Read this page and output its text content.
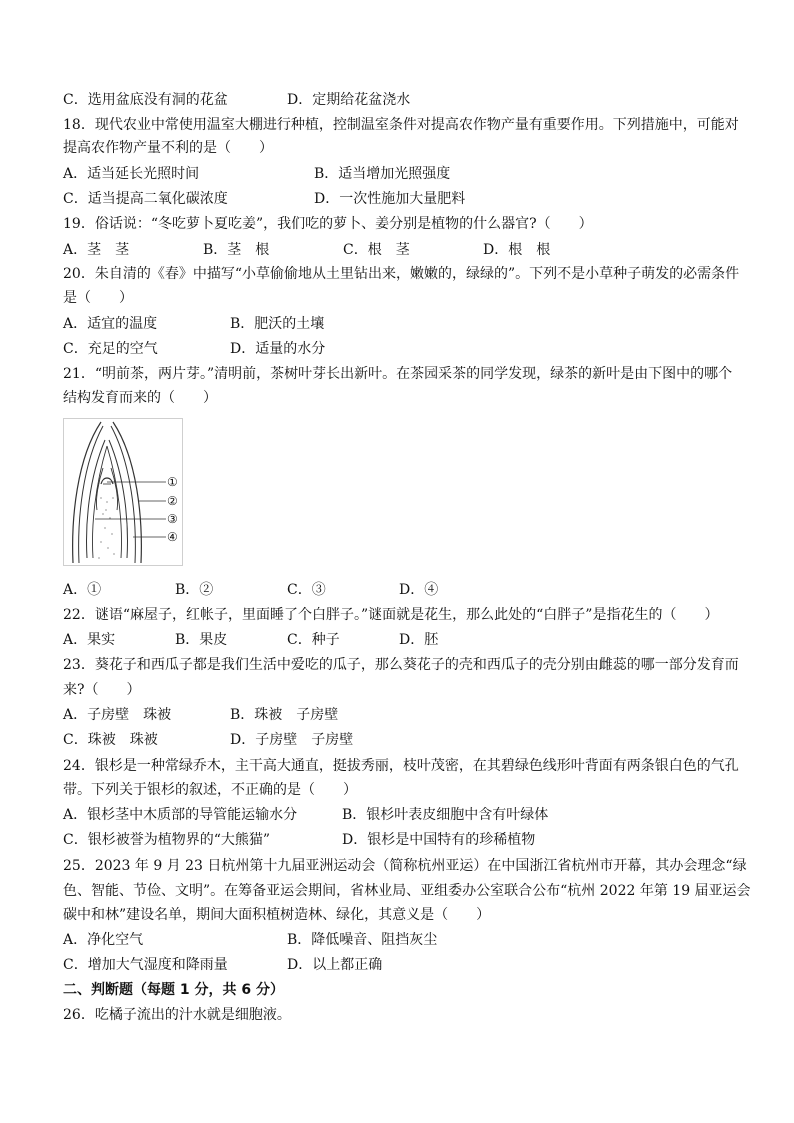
C．选用盆底没有洞的花盆	D．定期给花盆浇水
18．现代农业中常使用温室大棚进行种植，控制温室条件对提高农作物产量有重要作用。下列措施中，可能对
提高农作物产量不利的是（　　）
A．适当延长光照时间	B．适当增加光照强度
C．适当提高二氧化碳浓度	D．一次性施加大量肥料
19．俗话说：“冬吃萝卜夏吃姜”，我们吃的萝卜、姜分别是植物的什么器官?（　　）
A．茎　茎	B．茎　根	C．根　茎	D．根　根
20．朱自清的《春》中描写“小草偷偷地从土里钻出来，嫩嫩的，绿绿的”。下列不是小草种子萌发的必需条件
是（　　）
A．适宜的温度	B．肥沃的土壤
C．充足的空气	D．适量的水分
21．“明前茶，两片芽。”清明前，茶树叶芽长出新叶。在茶园采茶的同学发现，绿茶的新叶是由下图中的哪个
结构发育而来的（　　）
①
②
③
④
A．①	B．②	C．③	D．④
22．谜语“麻屋子，红帐子，里面睡了个白胖子。”谜面就是花生，那么此处的“白胖子”是指花生的（　　）
A．果实	B．果皮	C．种子	D．胚
23．葵花子和西瓜子都是我们生活中爱吃的瓜子，那么葵花子的壳和西瓜子的壳分别由雌蕊的哪一部分发育而
来?（　　）
A．子房壁　珠被	B．珠被　子房壁
C．珠被　珠被	D．子房壁　子房壁
24．银杉是一种常绿乔木，主干高大通直，挺拔秀丽，枝叶茂密，在其碧绿色线形叶背面有两条银白色的气孔
带。下列关于银杉的叙述，不正确的是（　　）
A．银杉茎中木质部的导管能运输水分	B．银杉叶表皮细胞中含有叶绿体
C．银杉被誉为植物界的“大熊猫”	D．银杉是中国特有的珍稀植物
25．2023 年 9 月 23 日杭州第十九届亚洲运动会（简称杭州亚运）在中国浙江省杭州市开幕，其办会理念“绿
色、智能、节俭、文明”。在筹备亚运会期间，省林业局、亚组委办公室联合公布“杭州 2022 年第 19 届亚运会
碳中和林”建设名单，期间大面积植树造林、绿化，其意义是（　　）
A．净化空气	B．降低噪音、阻挡灰尘
C．增加大气湿度和降雨量	D．以上都正确
二、判断题（每题 1 分，共 6 分）
26．吃橘子流出的汁水就是细胞液。
